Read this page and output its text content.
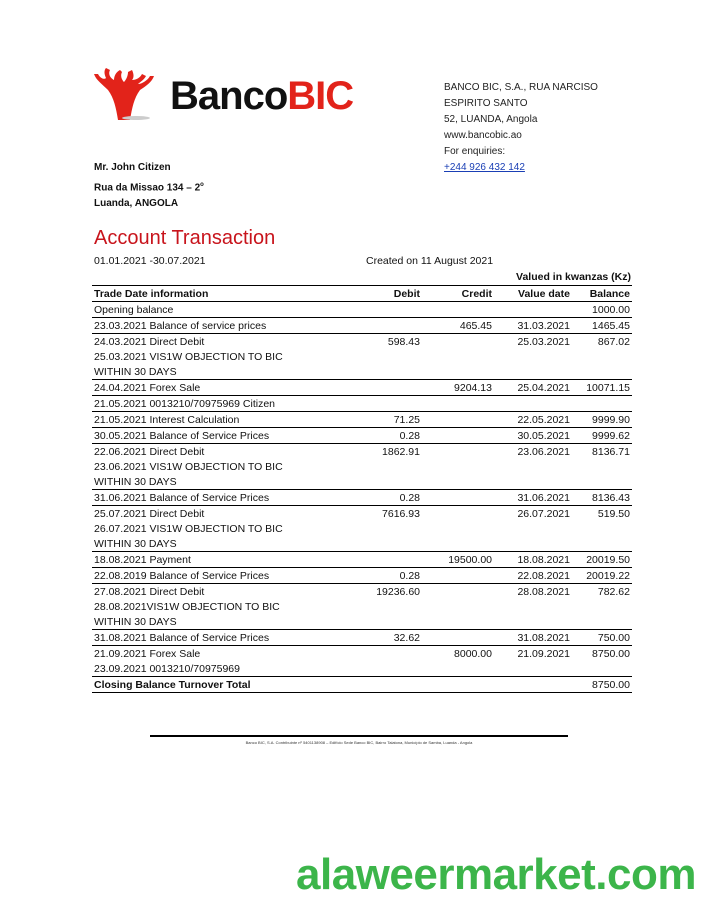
BancoBIC	BANCO BIC, S.A., RUA NARCISO
ESPIRITO SANTO
52, LUANDA, Angola
www.bancobic.ao
For enquiries:
+244 926 432 142
Mr. John Citizen
Rua da Missao 134 – 2$^o$
Luanda, ANGOLA
Account Transaction
01.01.2021 -30.07.2021	Created on 11 August 2021
Valued in kwanzas (Kz)
Trade Date information	Debit	Credit	Value date	Balance
Opening balance				1000.00
23.03.2021 Balance of service prices		465.45	31.03.2021	1465.45
24.03.2021 Direct Debit	598.43		25.03.2021	867.02
25.03.2021 VIS1W OBJECTION TO BIC				
WITHIN 30 DAYS				
24.04.2021 Forex Sale		9204.13	25.04.2021	10071.15
21.05.2021 0013210/70975969 Citizen				
21.05.2021 Interest Calculation	71.25		22.05.2021	9999.90
30.05.2021 Balance of Service Prices	0.28		30.05.2021	9999.62
22.06.2021 Direct Debit	1862.91		23.06.2021	8136.71
23.06.2021 VIS1W OBJECTION TO BIC				
WITHIN 30 DAYS				
31.06.2021 Balance of Service Prices	0.28		31.06.2021	8136.43
25.07.2021 Direct Debit	7616.93		26.07.2021	519.50
26.07.2021 VIS1W OBJECTION TO BIC				
WITHIN 30 DAYS				
18.08.2021 Payment		19500.00	18.08.2021	20019.50
22.08.2019 Balance of Service Prices	0.28		22.08.2021	20019.22
27.08.2021 Direct Debit	19236.60		28.08.2021	782.62
28.08.2021VIS1W OBJECTION TO BIC				
WITHIN 30 DAYS				
31.08.2021 Balance of Service Prices	32.62		31.08.2021	750.00
21.09.2021 Forex Sale		8000.00	21.09.2021	8750.00
23.09.2021 0013210/70975969				
Closing Balance Turnover Total				8750.00
Banco BIC, S.A. Contribuinte nº 5401138908 – Edifício Sede Banco BIC, Bairro Talatona, Município de Samba, Luanda - Angola
alaweermarket.com
